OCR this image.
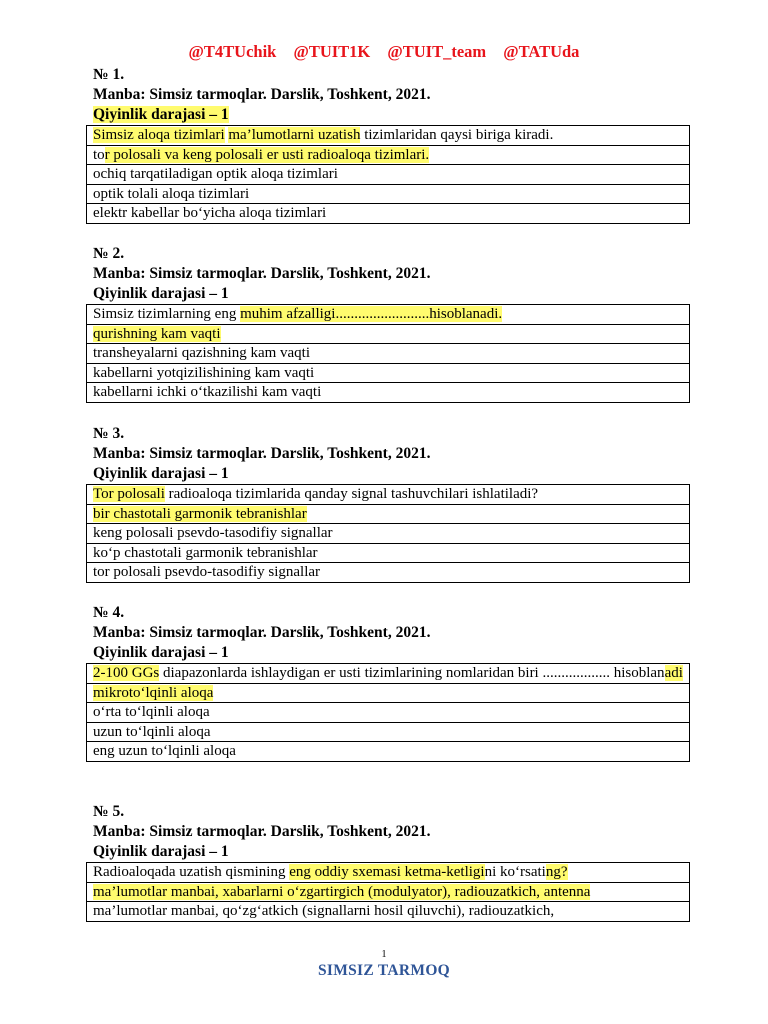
@T4TUchik @TUIT1K @TUIT_team @TATUda
№ 1.
Manba: Simsiz tarmoqlar. Darslik, Toshkent, 2021.
Qiyinlik darajasi – 1
Simsiz aloqa tizimlari ma’lumotlarni uzatish tizimlaridan qaysi biriga kiradi.
tor polosali va keng polosali er usti radioaloqa tizimlari.
ochiq tarqatiladigan optik aloqa tizimlari
optik tolali aloqa tizimlari
elektr kabellar bo‘yicha aloqa tizimlari
№ 2.
Manba: Simsiz tarmoqlar. Darslik, Toshkent, 2021.
Qiyinlik darajasi – 1
Simsiz tizimlarning eng muhim afzalligi.........................hisoblanadi.
qurishning kam vaqti
transheyalarni qazishning kam vaqti
kabellarni yotqizilishining kam vaqti
kabellarni ichki o‘tkazilishi kam vaqti
№ 3.
Manba: Simsiz tarmoqlar. Darslik, Toshkent, 2021.
Qiyinlik darajasi – 1
Tor polosali radioaloqa tizimlarida qanday signal tashuvchilari ishlatiladi?
bir chastotali garmonik tebranishlar
keng polosali psevdo-tasodifiy signallar
ko‘p chastotali garmonik tebranishlar
tor polosali psevdo-tasodifiy signallar
№ 4.
Manba: Simsiz tarmoqlar. Darslik, Toshkent, 2021.
Qiyinlik darajasi – 1
2-100 GGs diapazonlarda ishlaydigan er usti tizimlarining nomlaridan biri .................. hisoblanadi
mikroto‘lqinli aloqa
o‘rta to‘lqinli aloqa
uzun to‘lqinli aloqa
eng uzun to‘lqinli aloqa
№ 5.
Manba: Simsiz tarmoqlar. Darslik, Toshkent, 2021.
Qiyinlik darajasi – 1
Radioaloqada uzatish qismining eng oddiy sxemasi ketma-ketligini ko‘rsating?
ma’lumotlar manbai, xabarlarni o‘zgartirgich (modulyator), radiouzatkich, antenna
ma’lumotlar manbai, qo‘zg‘atkich (signallarni hosil qiluvchi), radiouzatkich,
1
SIMSIZ TARMOQ
